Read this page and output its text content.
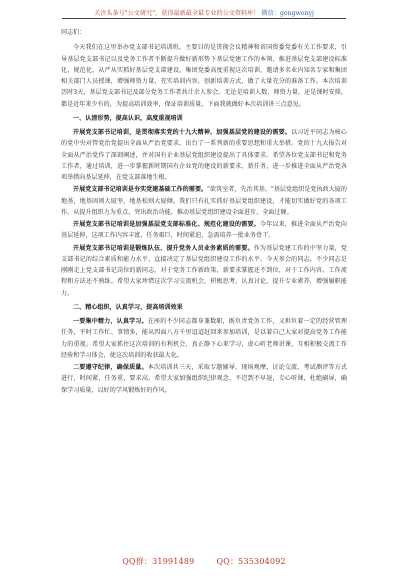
关注头条号"公文研究"，获得最新最全最专业的公文资料库！ 微信：gongwenyj

同志们：

今天我们在这里举办党支部书记培训班，主要目的是贯彻会议精神和省国资委党委有关工作要求，引导基层党支部书记以及党务工作者不断提升做好新形势下基层党建工作的本领，推进基层党支部建设标准化、规范化，从严从实抓好基层党支部建设。集团党委高度重视这次培训，邀请多名业内知名专家和集团相关部门人员授课，增强师资力量，充实培训内容，创新培训方式，做了大量充分的准备工作。本次培训历时3天，基层党支部书记及部分党务工作者共计余人参会。无论是培训人数、师资力量，还是课时安排，都是近年来少有的，为提高培训效率，保证培训质量，下面我就做好本次培训讲三点意见。

一、认清形势，提高认识，高度重视培训

开展党支部书记培训，是贯彻落实党的十九大精神、加强基层党的建设的需要。以习近平同志为核心的党中央对管党治党提出全面从严治党要求，出台了一系列新的重要思想和重大举措。党的十九大报告对全面从严治党作了深刻阐述，并对国有企业基层党组织建设提出了具体要求。希望各位党支部书记和党务工作者，通过培训，进一步掌握新时期国有企业党的建设的新要求、新任务，进一步推进全面从严治党各项举措向基层延伸，在党支部落地生根。

开展党支部书记培训是夯实党建基础工作的需要。"欲筑室者，先治其基。"基层党组织是党执政大厦的地基，地基固则大厦坚，地基松则大厦倾。我们只有扎实抓好基层党组织建设，才能切实做好党的各项工作，从提升组织力为重点，突出政治功能，推动基层党组织建设全面进步，全面过硬。

开展党支部书记培训是加强基层党支部标准化、规范化建设的需要。今年以来，推进全面从严治党向基层延伸，这项工作内容丰富、任务艰巨，时间紧迫，急需培养一批业务骨干。

开展党支部书记培训是锻炼队伍、提升党务人员业务素质的需要。作为基层党建工作的中坚力量，党支部书记的综合素质和能力水平，直接决定了基层党组织建设工作的水平。今天参会的同志，不少同志是刚刚走上党支部书记岗位的新同志，对于党务工作新政策、新要求掌握还不到位，对于工作内容、工作流程和方法还不熟练。希望大家珍惜这次学习交流机会，积极思考，认真讨论，提升专业素养，增强履职能力。

二、精心组织，认真学习，提高培训效果

一要集中精力，认真学习。在座的不少同志都身兼数职，既负责党务工作，又担负着一定的经营管理任务，平时工作忙、事情多，能从四面八方千里迢迢赶回来参加培训，是以着自己大家对提高党务工作能力的重视。希望大家抓住这次培训的有利机会，真正静下心来学习，虚心听老师讲课，互相积极交流工作经验和学习体会，使这次培训的收获最大化。

二要遵守纪律，确保质量。本次培训共三天，采取专题辅导、现场观摩、讨论交流、考试测评等方式进行，时间紧，任务重，要求高。希望大家加强组织纪律观念，不迟到不早退，专心听课，杜绝刷屏，确保学习质量，以好的学风锻炼好的作风。

QQ群：31991489	QQ：535304092
